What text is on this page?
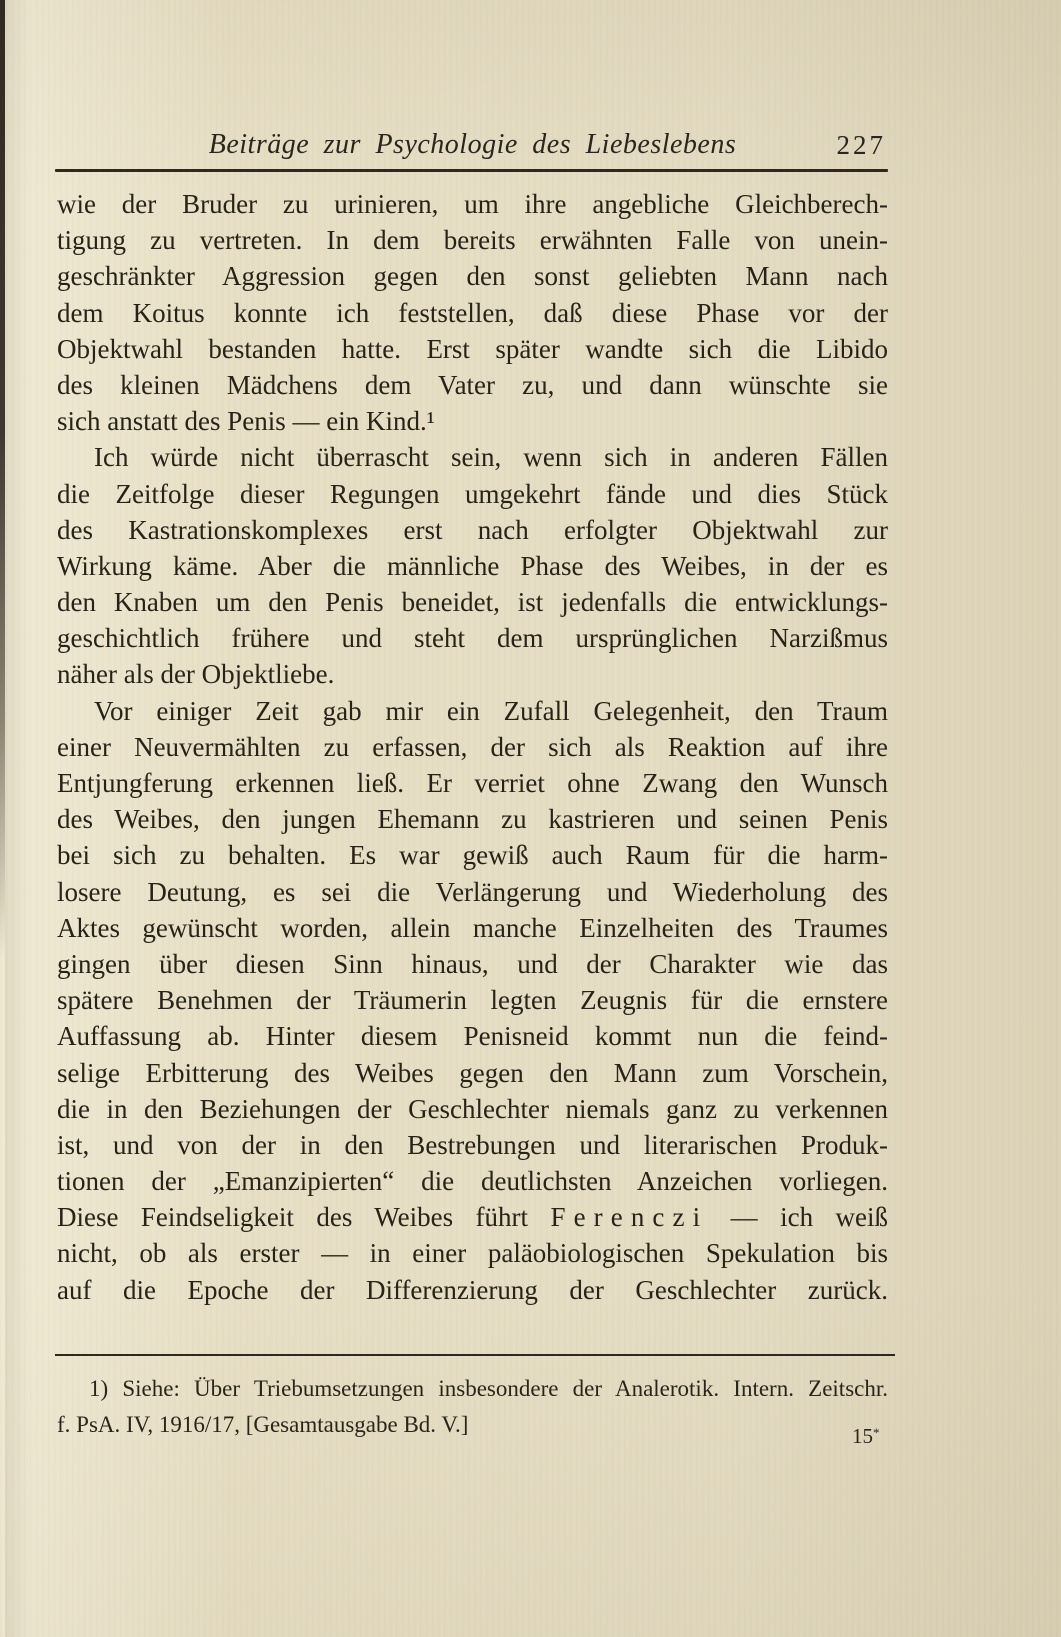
Beiträge zur Psychologie des Liebeslebens	227
wie der Bruder zu urinieren, um ihre angebliche Gleichberech-
tigung zu vertreten. In dem bereits erwähnten Falle von unein-
geschränkter Aggression gegen den sonst geliebten Mann nach
dem Koitus konnte ich feststellen, daß diese Phase vor der
Objektwahl bestanden hatte. Erst später wandte sich die Libido
des kleinen Mädchens dem Vater zu, und dann wünschte sie
sich anstatt des Penis — ein Kind.¹
Ich würde nicht überrascht sein, wenn sich in anderen Fällen
die Zeitfolge dieser Regungen umgekehrt fände und dies Stück
des Kastrationskomplexes erst nach erfolgter Objektwahl zur
Wirkung käme. Aber die männliche Phase des Weibes, in der es
den Knaben um den Penis beneidet, ist jedenfalls die entwicklungs-
geschichtlich frühere und steht dem ursprünglichen Narzißmus
näher als der Objektliebe.
Vor einiger Zeit gab mir ein Zufall Gelegenheit, den Traum
einer Neuvermählten zu erfassen, der sich als Reaktion auf ihre
Entjungferung erkennen ließ. Er verriet ohne Zwang den Wunsch
des Weibes, den jungen Ehemann zu kastrieren und seinen Penis
bei sich zu behalten. Es war gewiß auch Raum für die harm-
losere Deutung, es sei die Verlängerung und Wiederholung des
Aktes gewünscht worden, allein manche Einzelheiten des Traumes
gingen über diesen Sinn hinaus, und der Charakter wie das
spätere Benehmen der Träumerin legten Zeugnis für die ernstere
Auffassung ab. Hinter diesem Penisneid kommt nun die feind-
selige Erbitterung des Weibes gegen den Mann zum Vorschein,
die in den Beziehungen der Geschlechter niemals ganz zu verkennen
ist, und von der in den Bestrebungen und literarischen Produk-
tionen der „Emanzipierten“ die deutlichsten Anzeichen vorliegen.
Diese Feindseligkeit des Weibes führt Ferenczi — ich weiß
nicht, ob als erster — in einer paläobiologischen Spekulation bis
auf die Epoche der Differenzierung der Geschlechter zurück.
1) Siehe: Über Triebumsetzungen insbesondere der Analerotik. Intern. Zeitschr.
f. PsA. IV, 1916/17, [Gesamtausgabe Bd. V.]	15*
